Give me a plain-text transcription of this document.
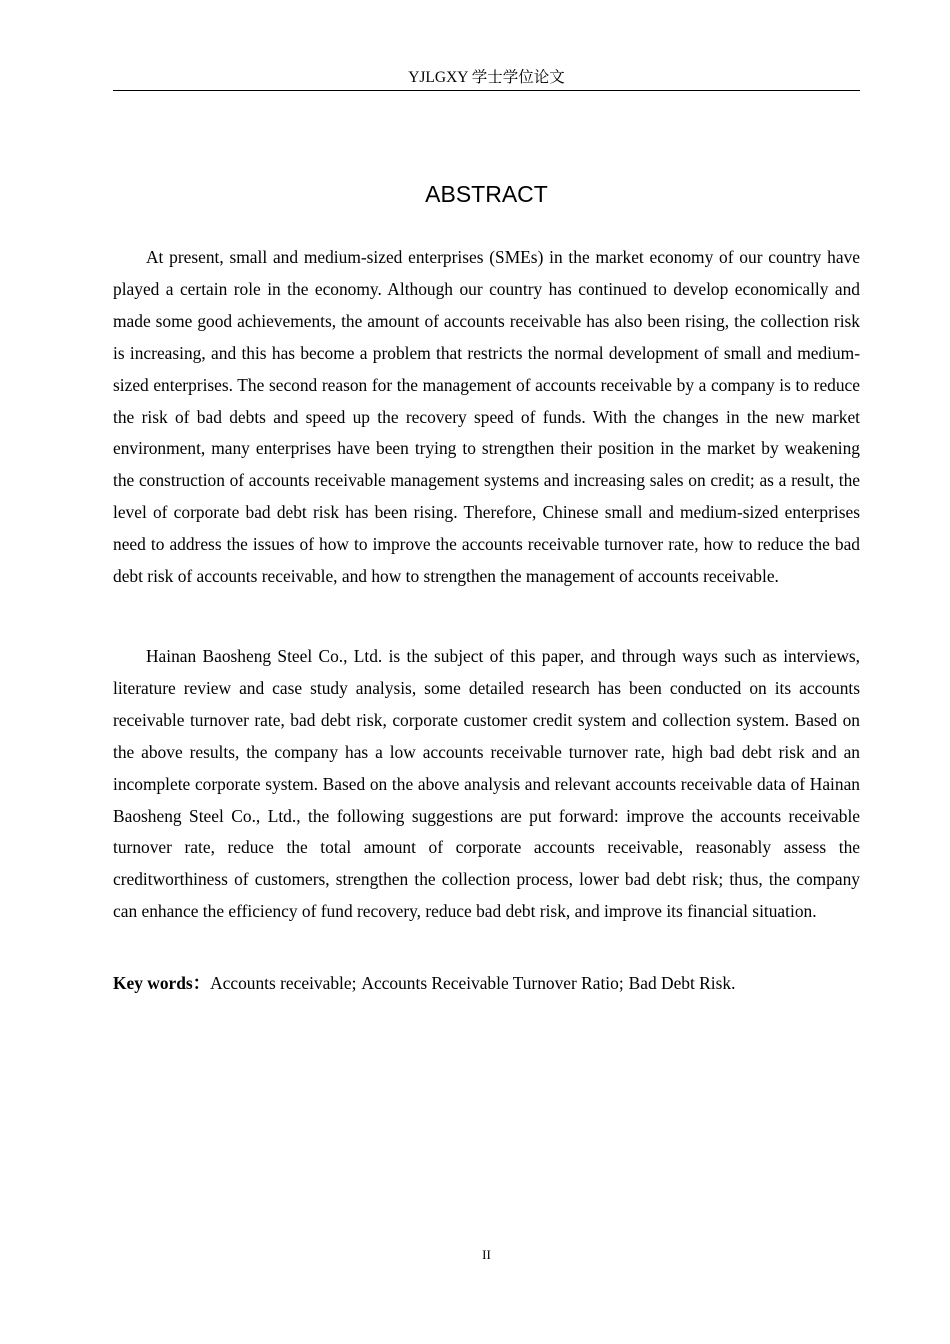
YJLGXY 学士学位论文
ABSTRACT

At present, small and medium-sized enterprises (SMEs) in the market economy of our country have played a certain role in the economy. Although our country has continued to develop economically and made some good achievements, the amount of accounts receivable has also been rising, the collection risk is increasing, and this has become a problem that restricts the normal development of small and medium-sized enterprises. The second reason for the management of accounts receivable by a company is to reduce the risk of bad debts and speed up the recovery speed of funds. With the changes in the new market environment, many enterprises have been trying to strengthen their position in the market by weakening the construction of accounts receivable management systems and increasing sales on credit; as a result, the level of corporate bad debt risk has been rising. Therefore, Chinese small and medium-sized enterprises need to address the issues of how to improve the accounts receivable turnover rate, how to reduce the bad debt risk of accounts receivable, and how to strengthen the management of accounts receivable.

Hainan Baosheng Steel Co., Ltd. is the subject of this paper, and through ways such as interviews, literature review and case study analysis, some detailed research has been conducted on its accounts receivable turnover rate, bad debt risk, corporate customer credit system and collection system. Based on the above results, the company has a low accounts receivable turnover rate, high bad debt risk and an incomplete corporate system. Based on the above analysis and relevant accounts receivable data of Hainan Baosheng Steel Co., Ltd., the following suggestions are put forward: improve the accounts receivable turnover rate, reduce the total amount of corporate accounts receivable, reasonably assess the creditworthiness of customers, strengthen the collection process, lower bad debt risk; thus, the company can enhance the efficiency of fund recovery, reduce bad debt risk, and improve its financial situation.

Key words：Accounts receivable; Accounts Receivable Turnover Ratio; Bad Debt Risk.

II
